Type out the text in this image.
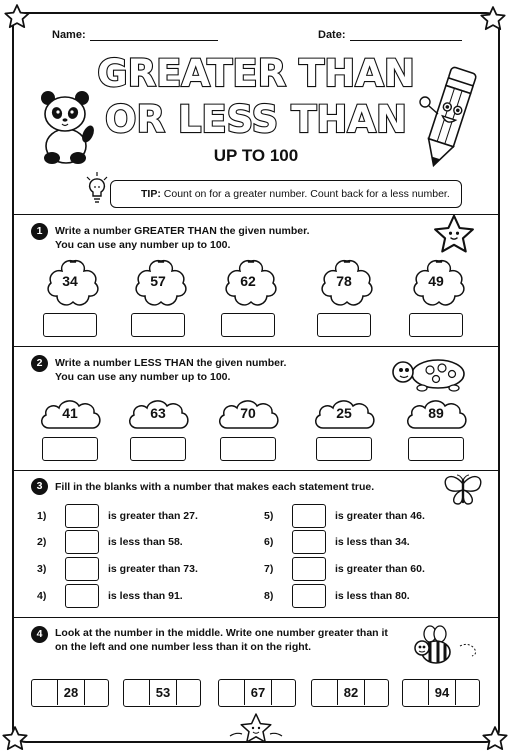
Name:	Date:
GREATER THAN
OR LESS THAN
UP TO 100
TIP: Count on for a greater number. Count back for a less number.
1	Write a number GREATER THAN the given number.
You can use any number up to 100.
34	57	62	78	49
2	Write a number LESS THAN the given number.
You can use any number up to 100.
41	63	70	25	89
3	Fill in the blanks with a number that makes each statement true.
1)	is greater than 27.
2)	is less than 58.
3)	is greater than 73.
4)	is less than 91.
5)	is greater than 46.
6)	is less than 34.
7)	is greater than 60.
8)	is less than 80.
4	Look at the number in the middle. Write one number greater than it
on the left and one number less than it on the right.
28	53	67	82	94
